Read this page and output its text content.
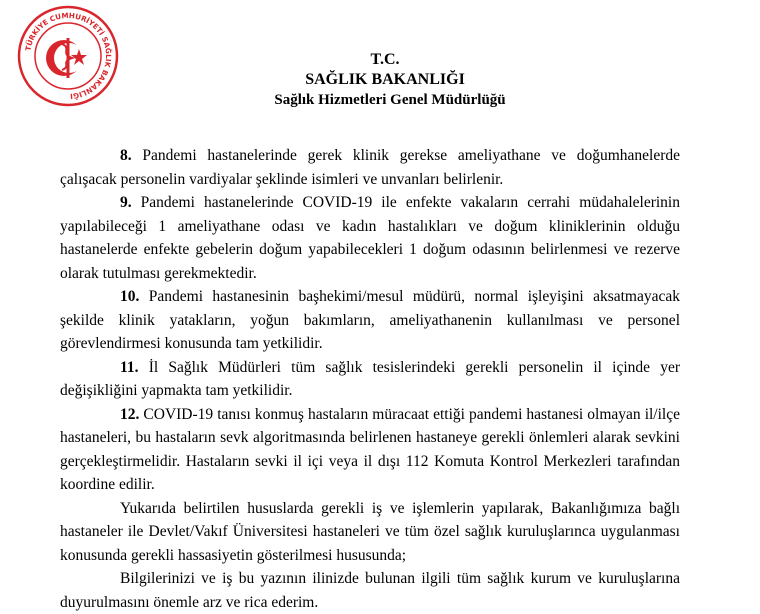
TÜRKİYE CUMHURİYETİ SAĞLIK BAKANLIĞI
T.C.
SAĞLIK BAKANLIĞI
Sağlık Hizmetleri Genel Müdürlüğü

8. Pandemi hastanelerinde gerek klinik gerekse ameliyathane ve doğumhanelerde çalışacak personelin vardiyalar şeklinde isimleri ve unvanları belirlenir.

9. Pandemi hastanelerinde COVID-19 ile enfekte vakaların cerrahi müdahalelerinin yapılabileceği 1 ameliyathane odası ve kadın hastalıkları ve doğum kliniklerinin olduğu hastanelerde enfekte gebelerin doğum yapabilecekleri 1 doğum odasının belirlenmesi ve rezerve olarak tutulması gerekmektedir.

10. Pandemi hastanesinin başhekimi/mesul müdürü, normal işleyişini aksatmayacak şekilde klinik yatakların, yoğun bakımların, ameliyathanenin kullanılması ve personel görevlendirmesi konusunda tam yetkilidir.

11. İl Sağlık Müdürleri tüm sağlık tesislerindeki gerekli personelin il içinde yer değişikliğini yapmakta tam yetkilidir.

12. COVID-19 tanısı konmuş hastaların müracaat ettiği pandemi hastanesi olmayan il/ilçe hastaneleri, bu hastaların sevk algoritmasında belirlenen hastaneye gerekli önlemleri alarak sevkini gerçekleştirmelidir. Hastaların sevki il içi veya il dışı 112 Komuta Kontrol Merkezleri tarafından koordine edilir.

Yukarıda belirtilen hususlarda gerekli iş ve işlemlerin yapılarak, Bakanlığımıza bağlı hastaneler ile Devlet/Vakıf Üniversitesi hastaneleri ve tüm özel sağlık kuruluşlarınca uygulanması konusunda gerekli hassasiyetin gösterilmesi hususunda;

Bilgilerinizi ve iş bu yazının ilinizde bulunan ilgili tüm sağlık kurum ve kuruluşlarına duyurulmasını önemle arz ve rica ederim.
